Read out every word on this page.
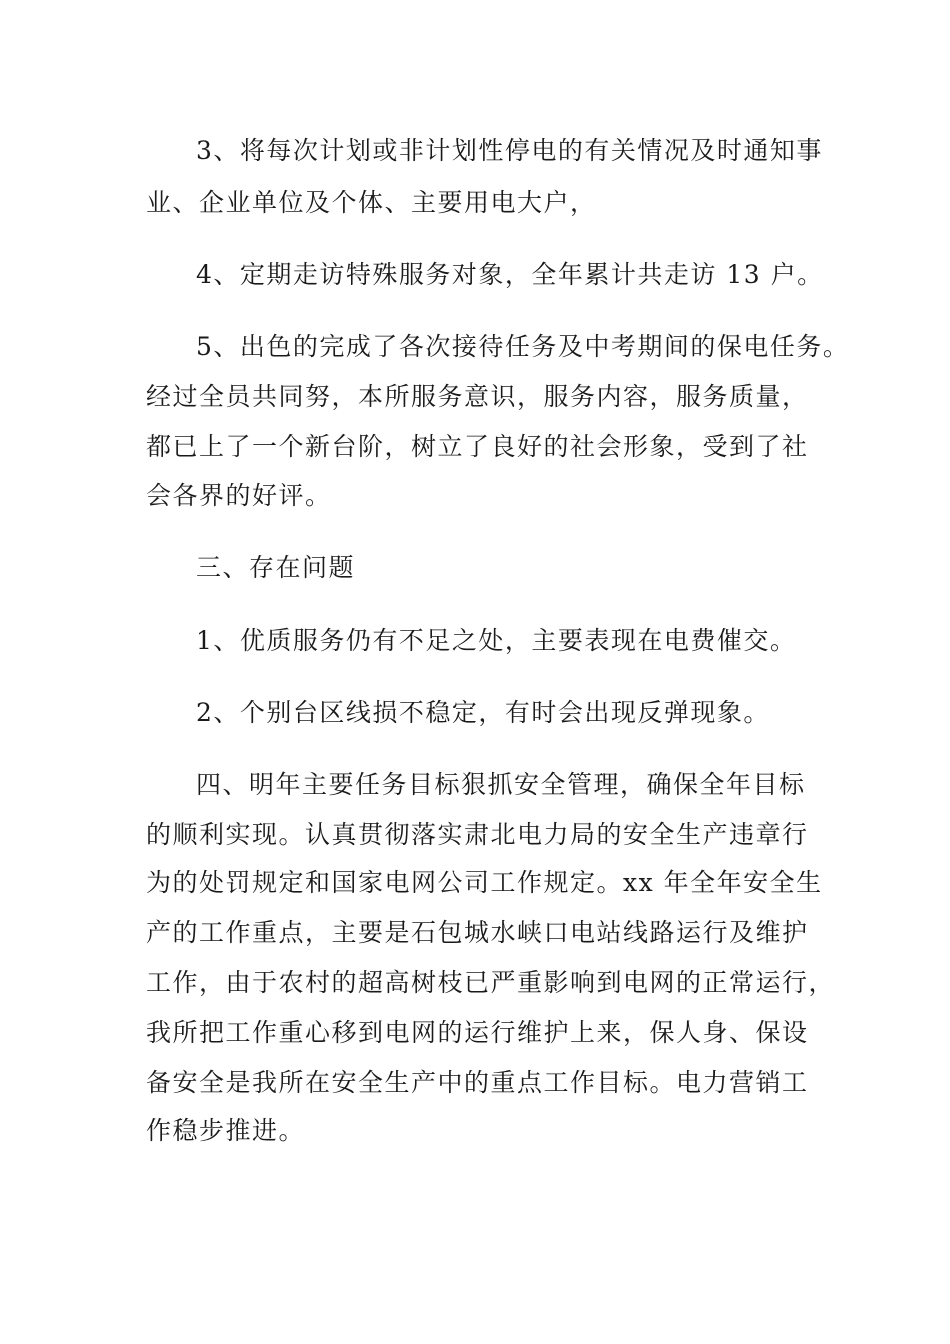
3、将每次计划或非计划性停电的有关情况及时通知事
业、企业单位及个体、主要用电大户，
4、定期走访特殊服务对象，全年累计共走访 13 户。
5、出色的完成了各次接待任务及中考期间的保电任务。
经过全员共同努，本所服务意识，服务内容，服务质量，
都已上了一个新台阶，树立了良好的社会形象，受到了社
会各界的好评。
三、存在问题
1、优质服务仍有不足之处，主要表现在电费催交。
2、个别台区线损不稳定，有时会出现反弹现象。
四、明年主要任务目标狠抓安全管理，确保全年目标
的顺利实现。认真贯彻落实肃北电力局的安全生产违章行
为的处罚规定和国家电网公司工作规定。xx 年全年安全生
产的工作重点，主要是石包城水峡口电站线路运行及维护
工作，由于农村的超高树枝已严重影响到电网的正常运行，
我所把工作重心移到电网的运行维护上来，保人身、保设
备安全是我所在安全生产中的重点工作目标。电力营销工
作稳步推进。
